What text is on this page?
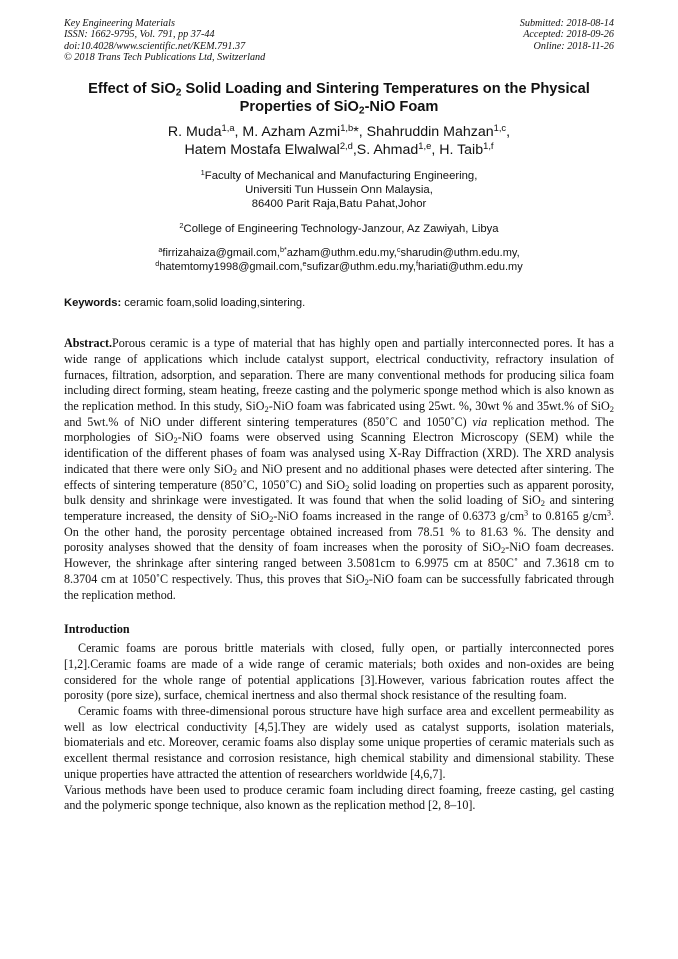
Key Engineering Materials
ISSN: 1662-9795, Vol. 791, pp 37-44
doi:10.4028/www.scientific.net/KEM.791.37
© 2018 Trans Tech Publications Ltd, Switzerland
Submitted: 2018-08-14
Accepted: 2018-09-26
Online: 2018-11-26
Effect of SiO$_2$ Solid Loading and Sintering Temperatures on the Physical
Properties of SiO$_2$-NiO Foam
R. Muda$^{1,a}$, M. Azham Azmi$^{1,b}$*, Shahruddin Mahzan$^{1,c}$,
Hatem Mostafa Elwalwal$^{2,d}$,S. Ahmad$^{1,e}$, H. Taib$^{1,f}$
$^1$Faculty of Mechanical and Manufacturing Engineering,
Universiti Tun Hussein Onn Malaysia,
86400 Parit Raja,Batu Pahat,Johor
$^2$College of Engineering Technology-Janzour, Az Zawiyah, Libya
$^a$firrizahaiza@gmail.com,$^{b*}$azham@uthm.edu.my,$^c$sharudin@uthm.edu.my,
$^d$hatemtomy1998@gmail.com,$^e$sufizar@uthm.edu.my,$^f$hariati@uthm.edu.my
Keywords: ceramic foam,solid loading,sintering.
Abstract.Porous ceramic is a type of material that has highly open and partially interconnected pores. It has a wide range of applications which include catalyst support, electrical conductivity, refractory insulation of furnaces, filtration, adsorption, and separation. There are many conventional methods for producing silica foam including direct forming, steam heating, freeze casting and the polymeric sponge method which is also known as the replication method. In this study, SiO$_2$-NiO foam was fabricated using 25wt. %, 30wt % and 35wt.% of SiO$_2$ and 5wt.% of NiO under different sintering temperatures (850˚C and 1050˚C) via replication method. The morphologies of SiO$_2$-NiO foams were observed using Scanning Electron Microscopy (SEM) while the identification of the different phases of foam was analysed using X-Ray Diffraction (XRD). The XRD analysis indicated that there were only SiO$_2$ and NiO present and no additional phases were detected after sintering. The effects of sintering temperature (850˚C, 1050˚C) and SiO$_2$ solid loading on properties such as apparent porosity, bulk density and shrinkage were investigated. It was found that when the solid loading of SiO$_2$ and sintering temperature increased, the density of SiO$_2$-NiO foams increased in the range of 0.6373 $g/cm^3$ to 0.8165 $g/cm^3$. On the other hand, the porosity percentage obtained increased from 78.51 % to 81.63 %. The density and porosity analyses showed that the density of foam increases when the porosity of SiO$_2$-NiO foam decreases. However, the shrinkage after sintering ranged between 3.5081cm to 6.9975 cm at 850C˚ and 7.3618 cm to 8.3704 cm at 1050˚C respectively. Thus, this proves that SiO$_2$-NiO foam can be successfully fabricated through the replication method.
Introduction
Ceramic foams are porous brittle materials with closed, fully open, or partially interconnected pores [1,2].Ceramic foams are made of a wide range of ceramic materials; both oxides and non-oxides are being considered for the whole range of potential applications [3].However, various fabrication routes affect the porosity (pore size), surface, chemical inertness and also thermal shock resistance of the resulting foam.
Ceramic foams with three-dimensional porous structure have high surface area and excellent permeability as well as low electrical conductivity [4,5].They are widely used as catalyst supports, isolation materials, biomaterials and etc. Moreover, ceramic foams also display some unique properties of ceramic materials such as excellent thermal resistance and corrosion resistance, high chemical stability and dimensional stability. These unique properties have attracted the attention of researchers worldwide [4,6,7].
Various methods have been used to produce ceramic foam including direct foaming, freeze casting, gel casting and the polymeric sponge technique, also known as the replication method [2, 8–10].
